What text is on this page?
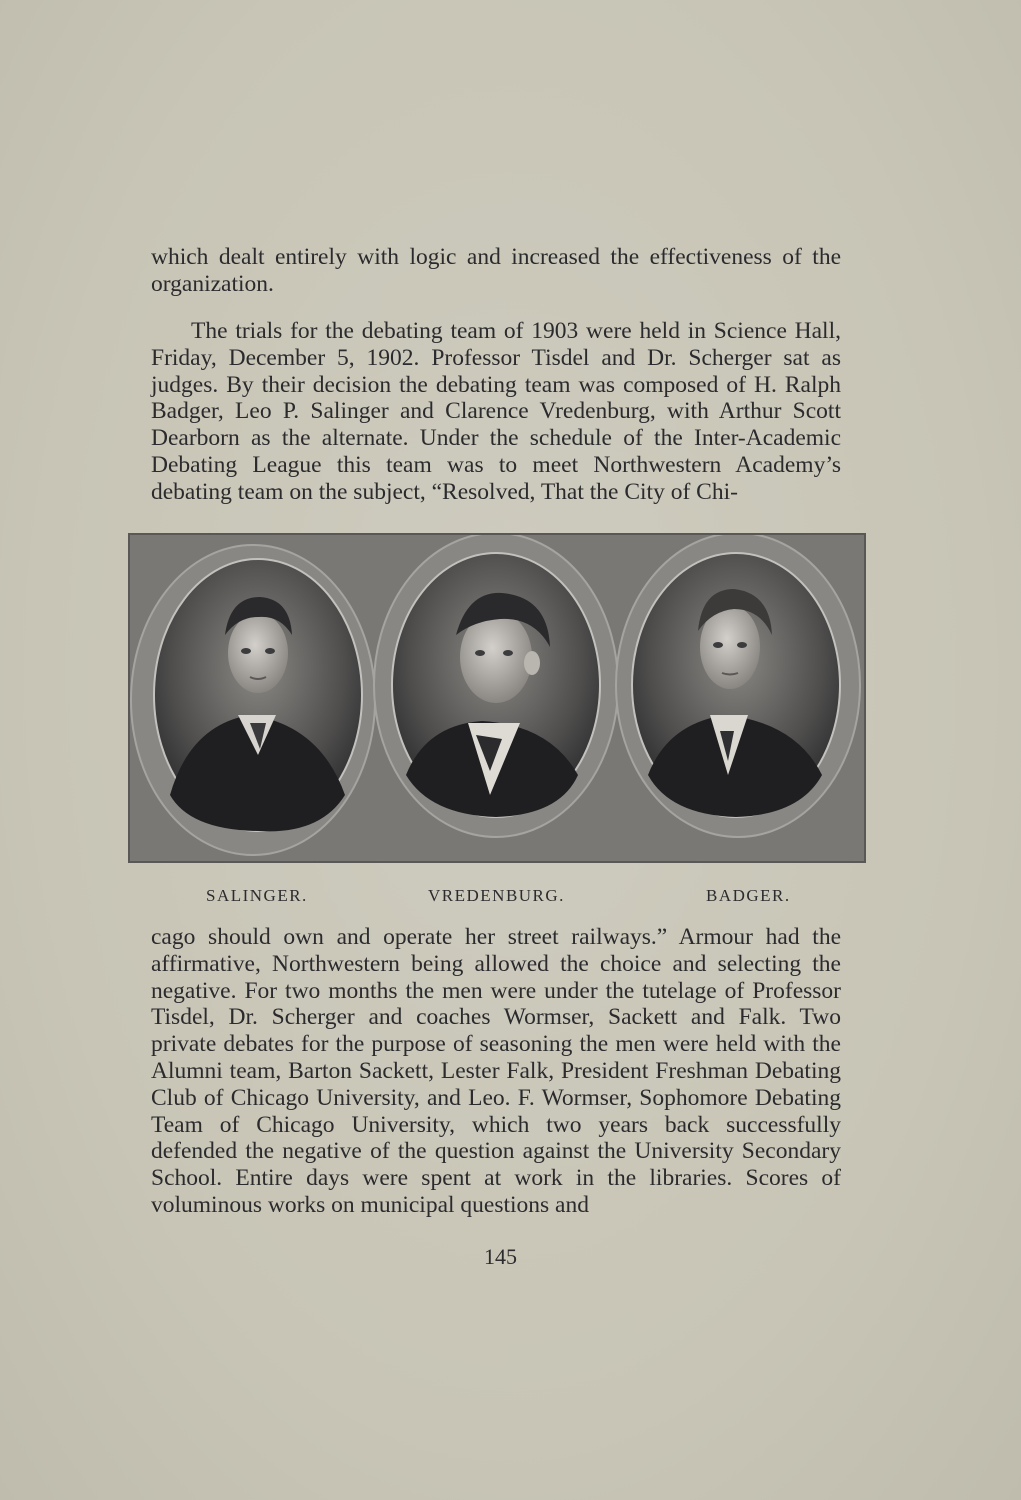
which dealt entirely with logic and increased the effectiveness of the organization.

The trials for the debating team of 1903 were held in Science Hall, Friday, December 5, 1902. Professor Tisdel and Dr. Scherger sat as judges. By their decision the debating team was composed of H. Ralph Badger, Leo P. Salinger and Clarence Vredenburg, with Arthur Scott Dearborn as the alternate. Under the schedule of the Inter-Academic Debating League this team was to meet Northwestern Academy’s debating team on the subject, “Resolved, That the City of Chi-

SALINGER.	VREDENBURG.	BADGER.

cago should own and operate her street railways.” Armour had the affirmative, Northwestern being allowed the choice and selecting the negative. For two months the men were under the tutelage of Professor Tisdel, Dr. Scherger and coaches Wormser, Sackett and Falk. Two private debates for the purpose of seasoning the men were held with the Alumni team, Barton Sackett, Lester Falk, President Freshman Debating Club of Chicago University, and Leo. F. Wormser, Sophomore Debating Team of Chicago University, which two years back successfully defended the negative of the question against the University Secondary School. Entire days were spent at work in the libraries. Scores of voluminous works on municipal questions and

145
